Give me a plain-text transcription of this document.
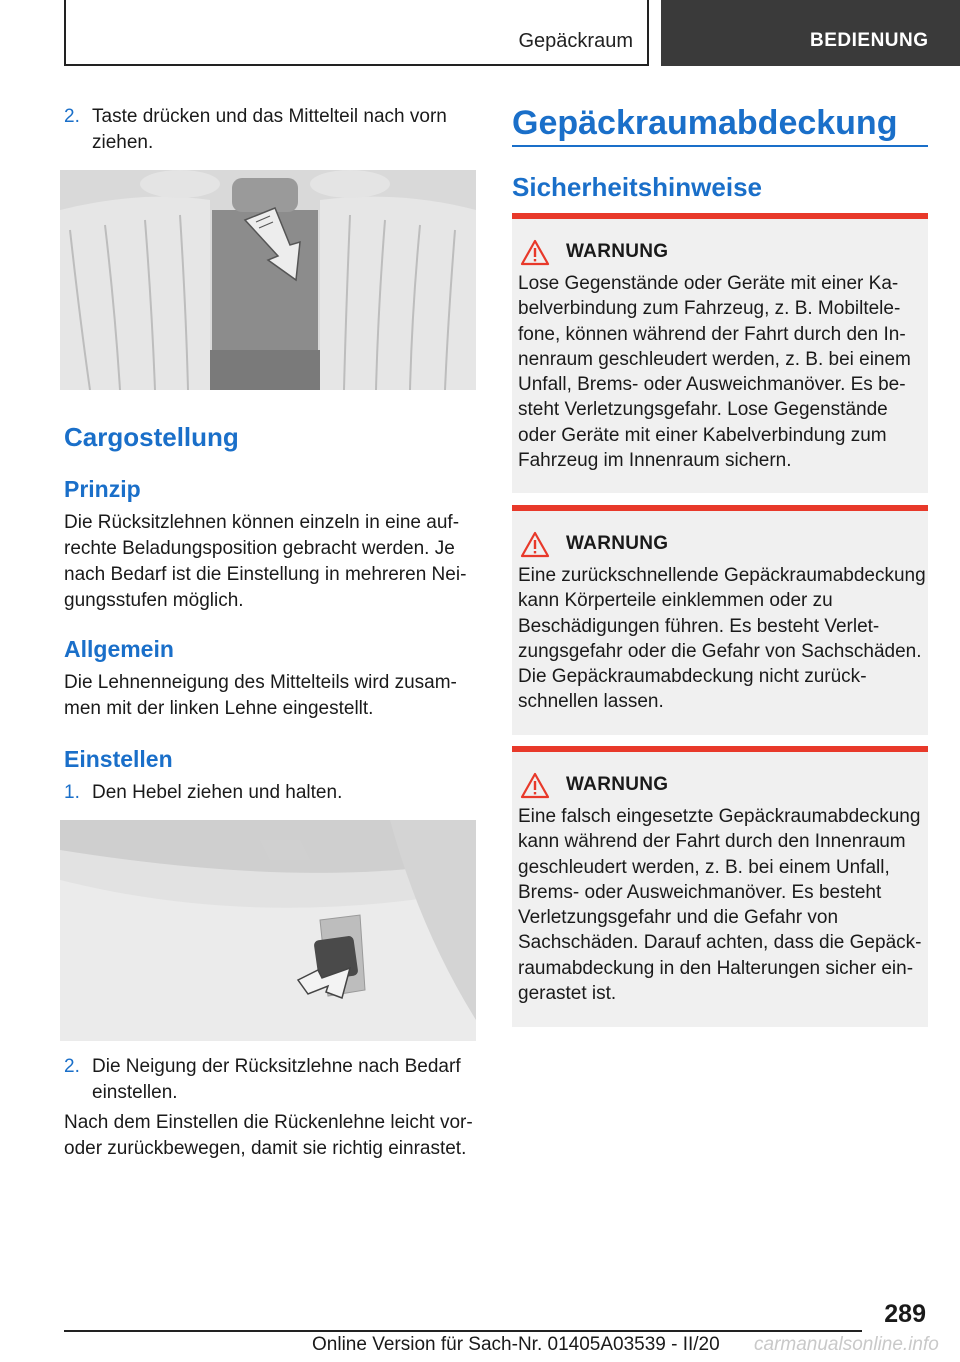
Gepäckraum	BEDIENUNG
2. Taste drücken und das Mittelteil nach vorn ziehen.
Cargostellung
Prinzip
Die Rücksitzlehnen können einzeln in eine aufrechte Beladungsposition gebracht werden. Je nach Bedarf ist die Einstellung in mehreren Neigungsstufen möglich.
Allgemein
Die Lehnenneigung des Mittelteils wird zusammen mit der linken Lehne eingestellt.
Einstellen
1. Den Hebel ziehen und halten.
2. Die Neigung der Rücksitzlehne nach Bedarf einstellen.
Nach dem Einstellen die Rückenlehne leicht vor- oder zurückbewegen, damit sie richtig einrastet.
Gepäckraumabdeckung
Sicherheitshinweise
WARNUNG
Lose Gegenstände oder Geräte mit einer Kabelverbindung zum Fahrzeug, z. B. Mobiltelefone, können während der Fahrt durch den Innenraum geschleudert werden, z. B. bei einem Unfall, Brems- oder Ausweichmanöver. Es besteht Verletzungsgefahr. Lose Gegenstände oder Geräte mit einer Kabelverbindung zum Fahrzeug im Innenraum sichern.
WARNUNG
Eine zurückschnellende Gepäckraumabdeckung kann Körperteile einklemmen oder zu Beschädigungen führen. Es besteht Verletzungsgefahr oder die Gefahr von Sachschäden. Die Gepäckraumabdeckung nicht zurückschnellen lassen.
WARNUNG
Eine falsch eingesetzte Gepäckraumabdeckung kann während der Fahrt durch den Innenraum geschleudert werden, z. B. bei einem Unfall, Brems- oder Ausweichmanöver. Es besteht Verletzungsgefahr und die Gefahr von Sachschäden. Darauf achten, dass die Gepäckraumabdeckung in den Halterungen sicher eingerastet ist.
289
Online Version für Sach-Nr. 01405A03539 - II/20 carmanualsonline.info
